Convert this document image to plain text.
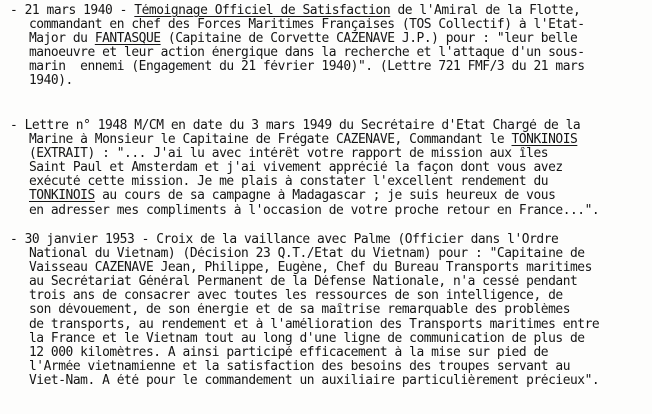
- 21 mars 1940 - Témoignage Officiel de Satisfaction de l'Amiral de la Flotte,
commandant en chef des Forces Maritimes Françaises (TOS Collectif) à l'Etat-
Major du FANTASQUE (Capitaine de Corvette CAZENAVE J.P.) pour : "leur belle
manoeuvre et leur action énergique dans la recherche et l'attaque d'un sous-
marin  ennemi (Engagement du 21 février 1940)". (Lettre 721 FMF/3 du 21 mars
1940).
- Lettre n° 1948 M/CM en date du 3 mars 1949 du Secrétaire d'Etat Chargé de la
Marine à Monsieur le Capitaine de Frégate CAZENAVE, Commandant le TONKINOIS
(EXTRAIT) : "... J'ai lu avec intérêt votre rapport de mission aux îles
Saint Paul et Amsterdam et j'ai vivement apprécié la façon dont vous avez
exécuté cette mission. Je me plais à constater l'excellent rendement du
TONKINOIS au cours de sa campagne à Madagascar ; je suis heureux de vous
en adresser mes compliments à l'occasion de votre proche retour en France...".
- 30 janvier 1953 - Croix de la vaillance avec Palme (Officier dans l'Ordre
National du Vietnam) (Décision 23 Q.T./Etat du Vietnam) pour : "Capitaine de
Vaisseau CAZENAVE Jean, Philippe, Eugène, Chef du Bureau Transports maritimes
au Secrétariat Général Permanent de la Défense Nationale, n'a cessé pendant
trois ans de consacrer avec toutes les ressources de son intelligence, de
son dévouement, de son énergie et de sa maîtrise remarquable des problèmes
de transports, au rendement et à l'amélioration des Transports maritimes entre
la France et le Vietnam tout au long d'une ligne de communication de plus de
12 000 kilomètres. A ainsi participé efficacement à la mise sur pied de
l'Armée vietnamienne et la satisfaction des besoins des troupes servant au
Viet-Nam. A été pour le commandement un auxiliaire particulièrement précieux".
